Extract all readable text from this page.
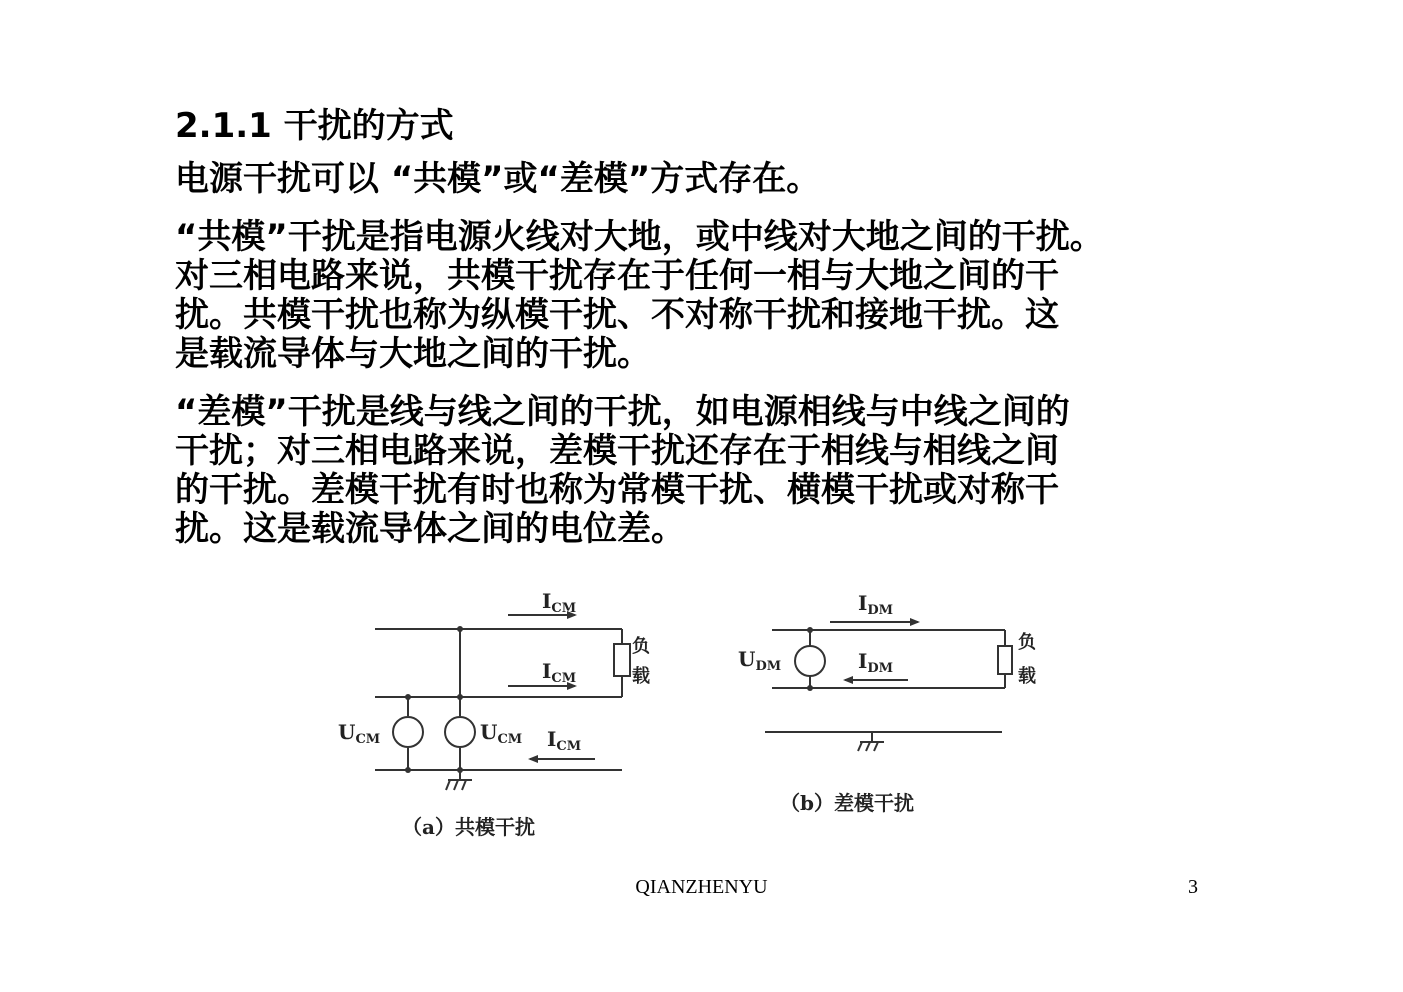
2.1.1 干扰的方式

电源干扰可以 “共模”或“差模”方式存在。

“共模”干扰是指电源火线对大地，或中线对大地之间的干扰。
对三相电路来说，共模干扰存在于任何一相与大地之间的干
扰。共模干扰也称为纵模干扰、不对称干扰和接地干扰。这
是载流导体与大地之间的干扰。

“差模”干扰是线与线之间的干扰，如电源相线与中线之间的
干扰；对三相电路来说，差模干扰还存在于相线与相线之间
的干扰。差模干扰有时也称为常模干扰、横模干扰或对称干
扰。这是载流导体之间的电位差。

$I_{CM}$
$I_{CM}$
$I_{CM}$
$U_{CM}$	$U_{CM}$
负
载
（a）共模干扰
$I_{DM}$
$I_{DM}$
$U_{DM}$
负
载
（b）差模干扰
QIANZHENYU	3
